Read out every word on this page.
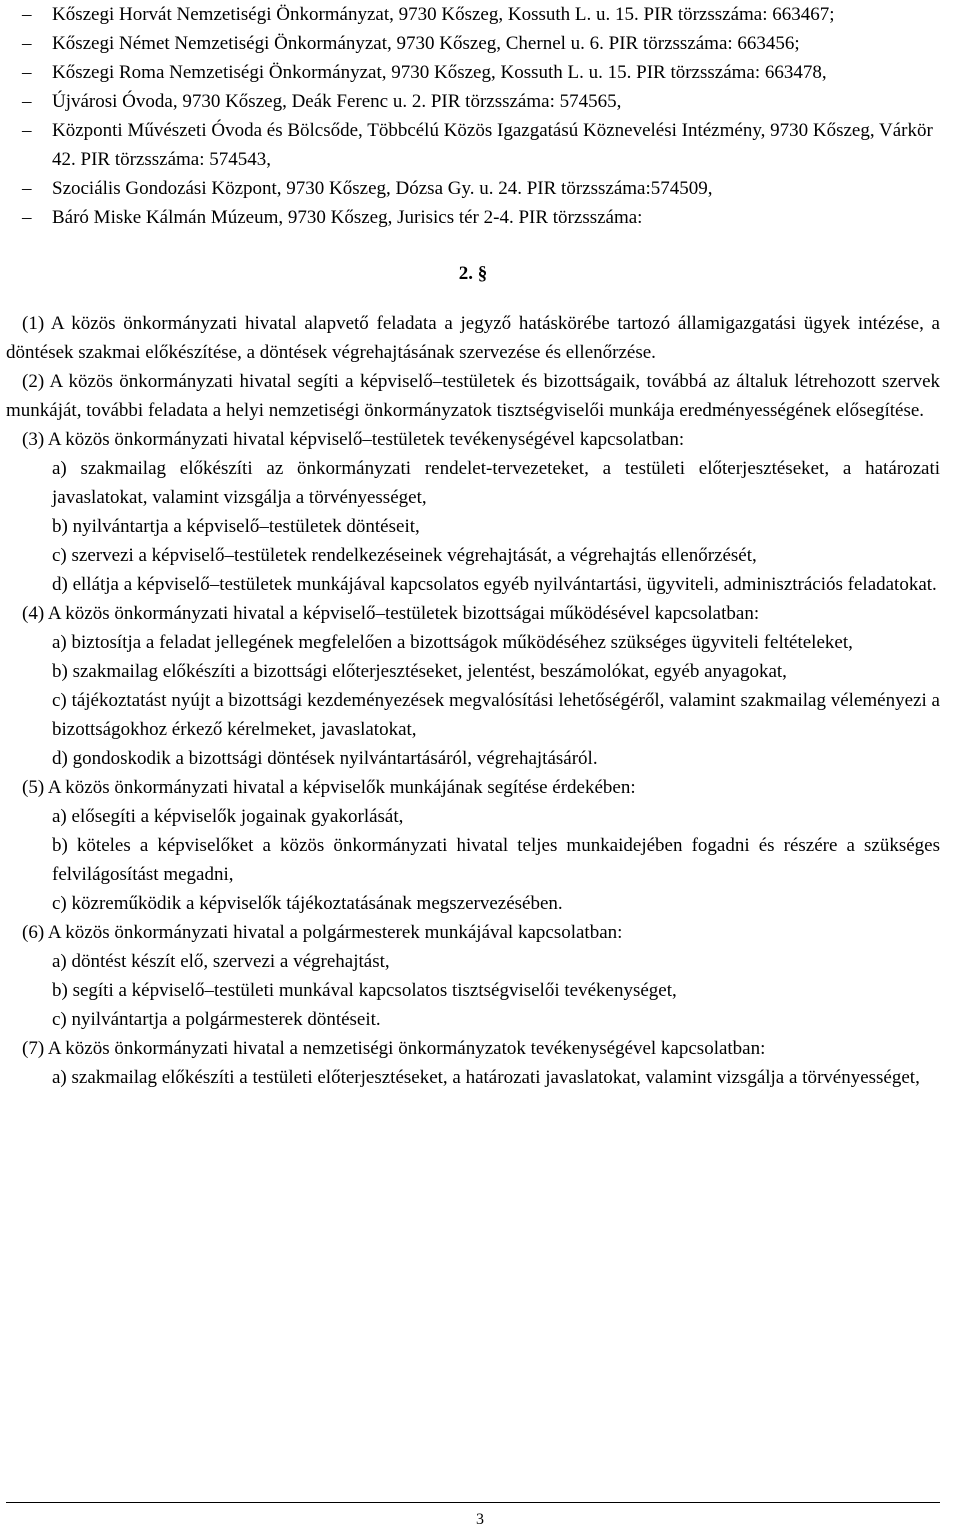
– Kőszegi Horvát Nemzetiségi Önkormányzat, 9730 Kőszeg, Kossuth L. u. 15. PIR törzsszáma: 663467;
– Kőszegi Német Nemzetiségi Önkormányzat, 9730 Kőszeg, Chernel u. 6. PIR törzsszáma: 663456;
– Kőszegi Roma Nemzetiségi Önkormányzat, 9730 Kőszeg, Kossuth L. u. 15. PIR törzsszáma: 663478,
– Újvárosi Óvoda, 9730 Kőszeg, Deák Ferenc u. 2. PIR törzsszáma: 574565,
– Központi Művészeti Óvoda és Bölcsőde, Többcélú Közös Igazgatású Köznevelési Intézmény, 9730 Kőszeg, Várkör 42. PIR törzsszáma: 574543,
– Szociális Gondozási Központ, 9730 Kőszeg, Dózsa Gy. u. 24. PIR törzsszáma:574509,
– Báró Miske Kálmán Múzeum, 9730 Kőszeg, Jurisics tér 2-4. PIR törzsszáma:
2. §
(1) A közös önkormányzati hivatal alapvető feladata a jegyző hatáskörébe tartozó államigazgatási ügyek intézése, a döntések szakmai előkészítése, a döntések végrehajtásának szervezése és ellenőrzése.
(2) A közös önkormányzati hivatal segíti a képviselő–testületek és bizottságaik, továbbá az általuk létrehozott szervek munkáját, további feladata a helyi nemzetiségi önkormányzatok tisztségviselői munkája eredményességének elősegítése.
(3) A közös önkormányzati hivatal képviselő–testületek tevékenységével kapcsolatban:
a) szakmailag előkészíti az önkormányzati rendelet-tervezeteket, a testületi előterjesztéseket, a határozati javaslatokat, valamint vizsgálja a törvényességet,
b) nyilvántartja a képviselő–testületek döntéseit,
c) szervezi a képviselő–testületek rendelkezéseinek végrehajtását, a végrehajtás ellenőrzését,
d) ellátja a képviselő–testületek munkájával kapcsolatos egyéb nyilvántartási, ügyviteli, adminisztrációs feladatokat.
(4) A közös önkormányzati hivatal a képviselő–testületek bizottságai működésével kapcsolatban:
a) biztosítja a feladat jellegének megfelelően a bizottságok működéséhez szükséges ügyviteli feltételeket,
b) szakmailag előkészíti a bizottsági előterjesztéseket, jelentést, beszámolókat, egyéb anyagokat,
c) tájékoztatást nyújt a bizottsági kezdeményezések megvalósítási lehetőségéről, valamint szakmailag véleményezi a bizottságokhoz érkező kérelmeket, javaslatokat,
d) gondoskodik a bizottsági döntések nyilvántartásáról, végrehajtásáról.
(5) A közös önkormányzati hivatal a képviselők munkájának segítése érdekében:
a) elősegíti a képviselők jogainak gyakorlását,
b) köteles a képviselőket a közös önkormányzati hivatal teljes munkaidejében fogadni és részére a szükséges felvilágosítást megadni,
c) közreműködik a képviselők tájékoztatásának megszervezésében.
(6) A közös önkormányzati hivatal a polgármesterek munkájával kapcsolatban:
a) döntést készít elő, szervezi a végrehajtást,
b) segíti a képviselő–testületi munkával kapcsolatos tisztségviselői tevékenységet,
c) nyilvántartja a polgármesterek döntéseit.
(7) A közös önkormányzati hivatal a nemzetiségi önkormányzatok tevékenységével kapcsolatban:
a) szakmailag előkészíti a testületi előterjesztéseket, a határozati javaslatokat, valamint vizsgálja a törvényességet,
3
